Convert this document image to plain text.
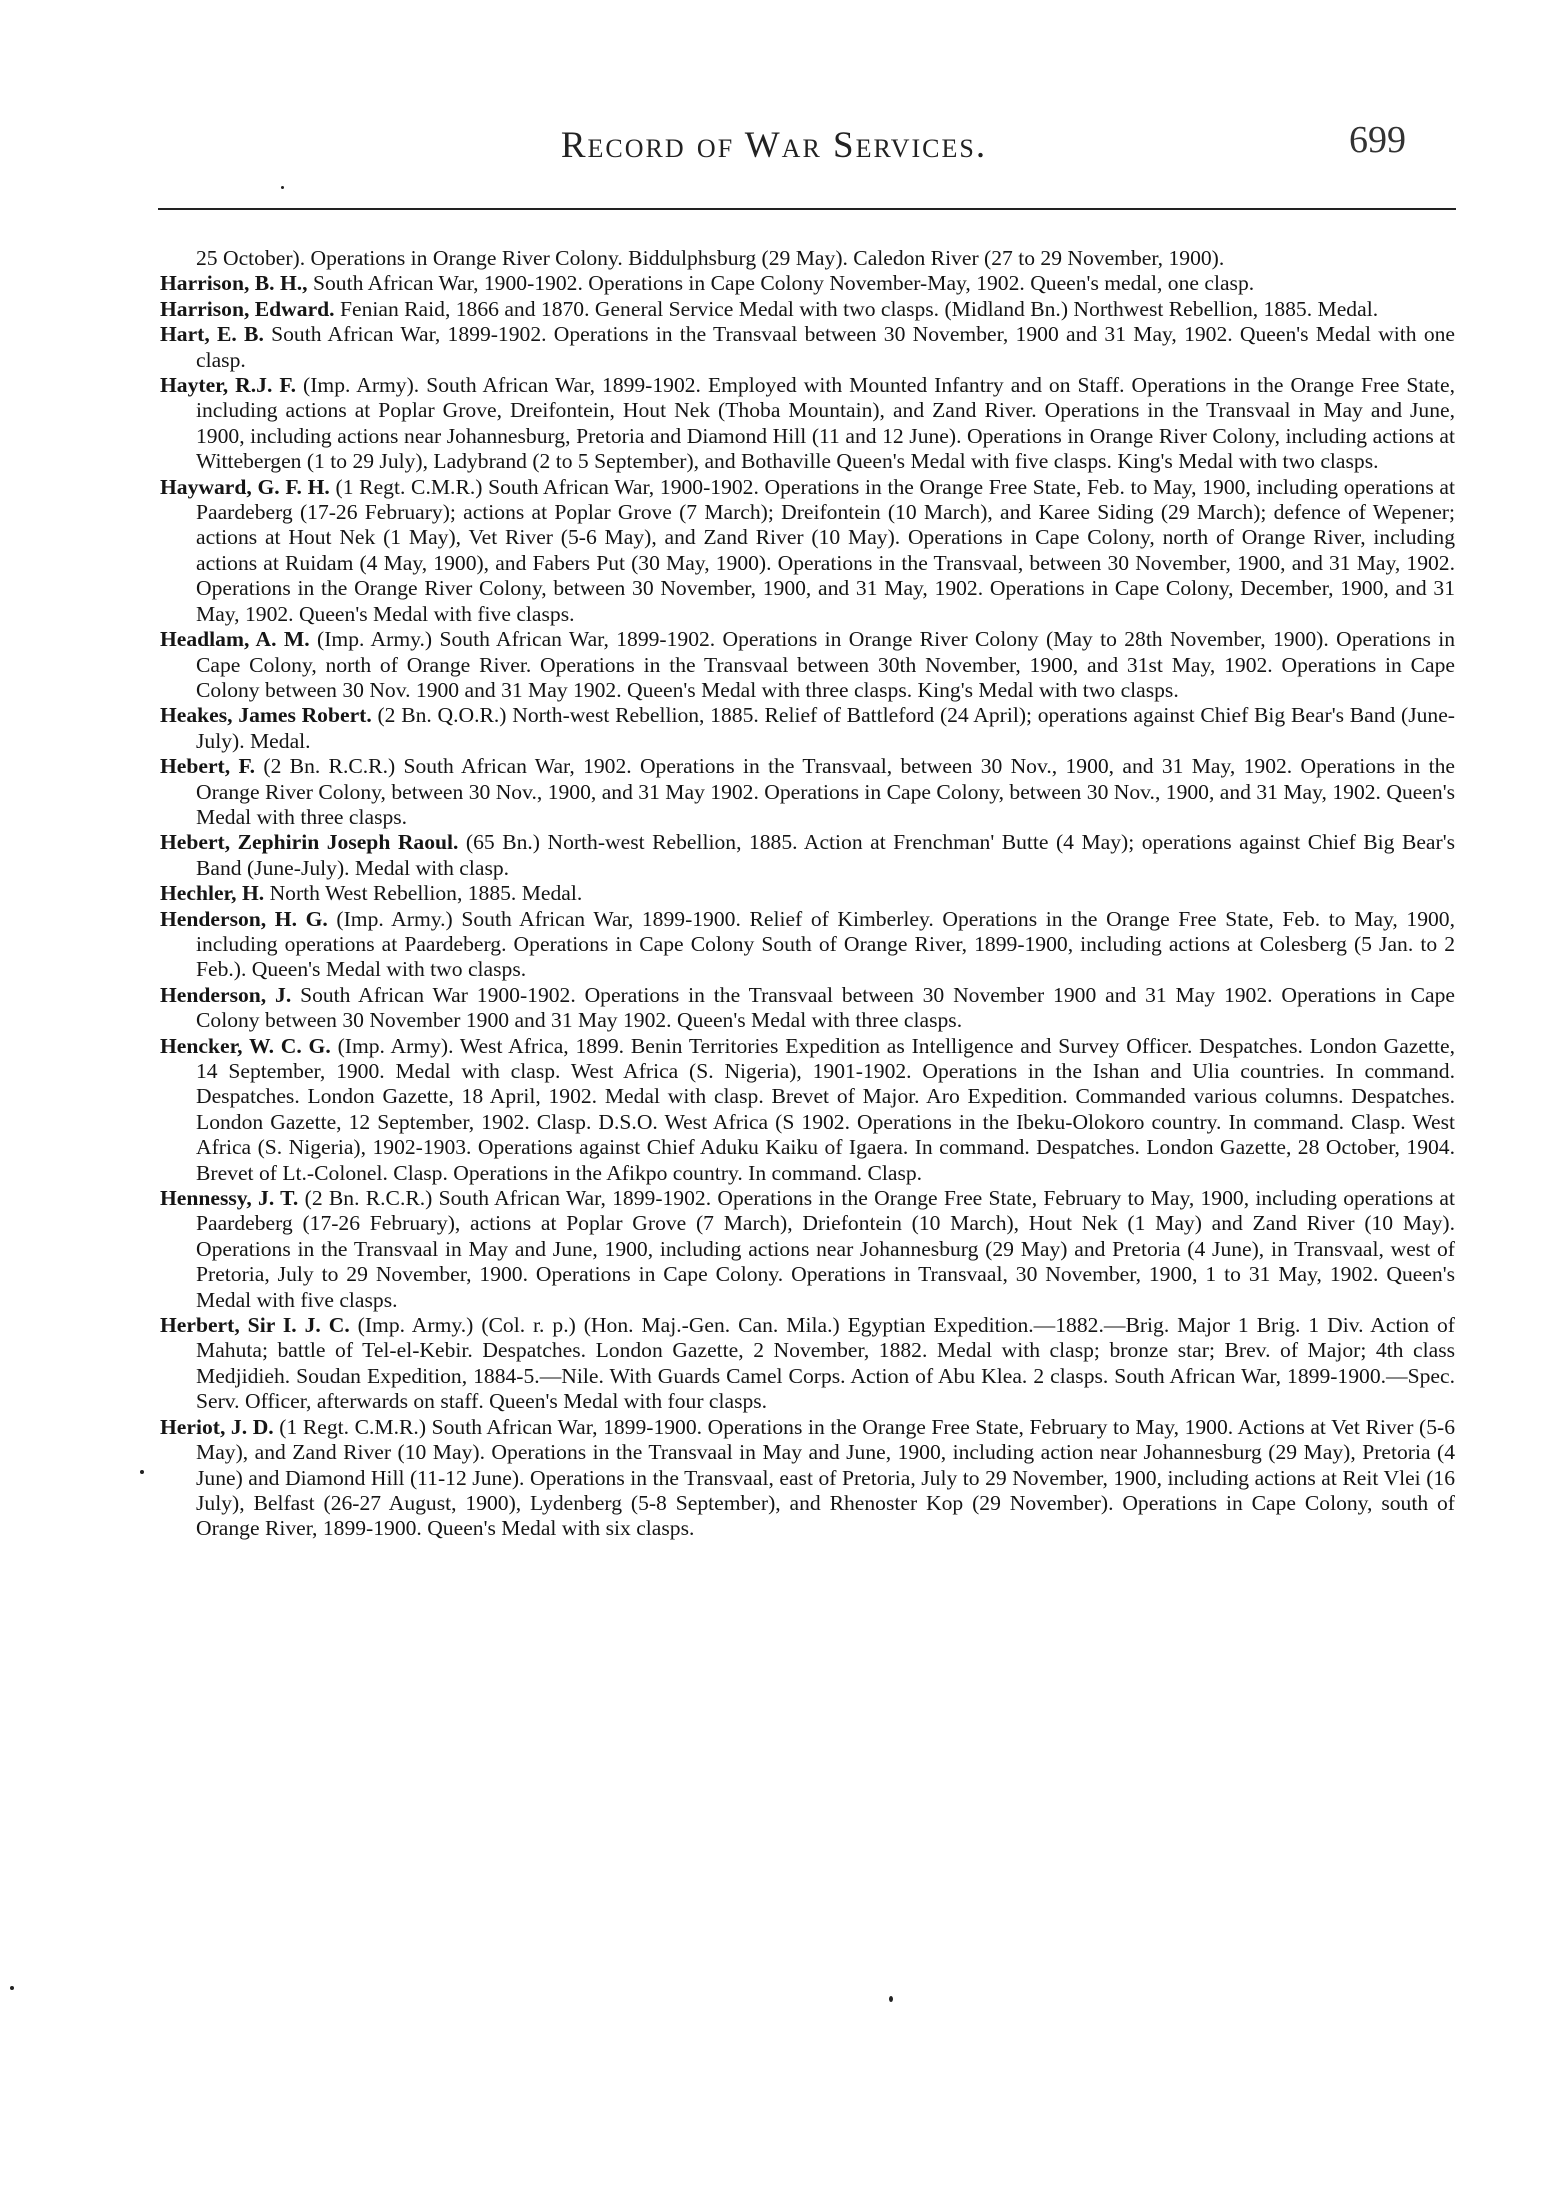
Record of War Services.	699

25 October). Operations in Orange River Colony. Biddulphsburg (29 May). Caledon River (27 to 29 November, 1900).

Harrison, B. H., South African War, 1900-1902. Operations in Cape Colony November-May, 1902. Queen's medal, one clasp.

Harrison, Edward. Fenian Raid, 1866 and 1870. General Service Medal with two clasps. (Midland Bn.) Northwest Rebellion, 1885. Medal.

Hart, E. B. South African War, 1899-1902. Operations in the Transvaal between 30 November, 1900 and 31 May, 1902. Queen's Medal with one clasp.

Hayter, R.J. F. (Imp. Army). South African War, 1899-1902. Employed with Mounted Infantry and on Staff. Operations in the Orange Free State, including actions at Poplar Grove, Dreifontein, Hout Nek (Thoba Mountain), and Zand River. Operations in the Transvaal in May and June, 1900, including actions near Johannesburg, Pretoria and Diamond Hill (11 and 12 June). Operations in Orange River Colony, including actions at Wittebergen (1 to 29 July), Ladybrand (2 to 5 September), and Bothaville Queen's Medal with five clasps. King's Medal with two clasps.

Hayward, G. F. H. (1 Regt. C.M.R.) South African War, 1900-1902. Operations in the Orange Free State, Feb. to May, 1900, including operations at Paardeberg (17-26 February); actions at Poplar Grove (7 March); Dreifontein (10 March), and Karee Siding (29 March); defence of Wepener; actions at Hout Nek (1 May), Vet River (5-6 May), and Zand River (10 May). Operations in Cape Colony, north of Orange River, including actions at Ruidam (4 May, 1900), and Fabers Put (30 May, 1900). Operations in the Transvaal, between 30 November, 1900, and 31 May, 1902. Operations in the Orange River Colony, between 30 November, 1900, and 31 May, 1902. Operations in Cape Colony, December, 1900, and 31 May, 1902. Queen's Medal with five clasps.

Headlam, A. M. (Imp. Army.) South African War, 1899-1902. Operations in Orange River Colony (May to 28th November, 1900). Operations in Cape Colony, north of Orange River. Operations in the Transvaal between 30th November, 1900, and 31st May, 1902. Operations in Cape Colony between 30 Nov. 1900 and 31 May 1902. Queen's Medal with three clasps. King's Medal with two clasps.

Heakes, James Robert. (2 Bn. Q.O.R.) North-west Rebellion, 1885. Relief of Battleford (24 April); operations against Chief Big Bear's Band (June-July). Medal.

Hebert, F. (2 Bn. R.C.R.) South African War, 1902. Operations in the Transvaal, between 30 Nov., 1900, and 31 May, 1902. Operations in the Orange River Colony, between 30 Nov., 1900, and 31 May 1902. Operations in Cape Colony, between 30 Nov., 1900, and 31 May, 1902. Queen's Medal with three clasps.

Hebert, Zephirin Joseph Raoul. (65 Bn.) North-west Rebellion, 1885. Action at Frenchman' Butte (4 May); operations against Chief Big Bear's Band (June-July). Medal with clasp.

Hechler, H. North West Rebellion, 1885. Medal.

Henderson, H. G. (Imp. Army.) South African War, 1899-1900. Relief of Kimberley. Operations in the Orange Free State, Feb. to May, 1900, including operations at Paardeberg. Operations in Cape Colony South of Orange River, 1899-1900, including actions at Colesberg (5 Jan. to 2 Feb.). Queen's Medal with two clasps.

Henderson, J. South African War 1900-1902. Operations in the Transvaal between 30 November 1900 and 31 May 1902. Operations in Cape Colony between 30 November 1900 and 31 May 1902. Queen's Medal with three clasps.

Hencker, W. C. G. (Imp. Army). West Africa, 1899. Benin Territories Expedition as Intelligence and Survey Officer. Despatches. London Gazette, 14 September, 1900. Medal with clasp. West Africa (S. Nigeria), 1901-1902. Operations in the Ishan and Ulia countries. In command. Despatches. London Gazette, 18 April, 1902. Medal with clasp. Brevet of Major. Aro Expedition. Commanded various columns. Despatches. London Gazette, 12 September, 1902. Clasp. D.S.O. West Africa (S 1902. Operations in the Ibeku-Olokoro country. In command. Clasp. West Africa (S. Nigeria), 1902-1903. Operations against Chief Aduku Kaiku of Igaera. In command. Despatches. London Gazette, 28 October, 1904. Brevet of Lt.-Colonel. Clasp. Operations in the Afikpo country. In command. Clasp.

Hennessy, J. T. (2 Bn. R.C.R.) South African War, 1899-1902. Operations in the Orange Free State, February to May, 1900, including operations at Paardeberg (17-26 February), actions at Poplar Grove (7 March), Driefontein (10 March), Hout Nek (1 May) and Zand River (10 May). Operations in the Transvaal in May and June, 1900, including actions near Johannesburg (29 May) and Pretoria (4 June), in Transvaal, west of Pretoria, July to 29 November, 1900. Operations in Cape Colony. Operations in Transvaal, 30 November, 1900, 1 to 31 May, 1902. Queen's Medal with five clasps.

Herbert, Sir I. J. C. (Imp. Army.) (Col. r. p.) (Hon. Maj.-Gen. Can. Mila.) Egyptian Expedition.—1882.—Brig. Major 1 Brig. 1 Div. Action of Mahuta; battle of Tel-el-Kebir. Despatches. London Gazette, 2 November, 1882. Medal with clasp; bronze star; Brev. of Major; 4th class Medjidieh. Soudan Expedition, 1884-5.—Nile. With Guards Camel Corps. Action of Abu Klea. 2 clasps. South African War, 1899-1900.—Spec. Serv. Officer, afterwards on staff. Queen's Medal with four clasps.

Heriot, J. D. (1 Regt. C.M.R.) South African War, 1899-1900. Operations in the Orange Free State, February to May, 1900. Actions at Vet River (5-6 May), and Zand River (10 May). Operations in the Transvaal in May and June, 1900, including action near Johannesburg (29 May), Pretoria (4 June) and Diamond Hill (11-12 June). Operations in the Transvaal, east of Pretoria, July to 29 November, 1900, including actions at Reit Vlei (16 July), Belfast (26-27 August, 1900), Lydenberg (5-8 September), and Rhenoster Kop (29 November). Operations in Cape Colony, south of Orange River, 1899-1900. Queen's Medal with six clasps.
